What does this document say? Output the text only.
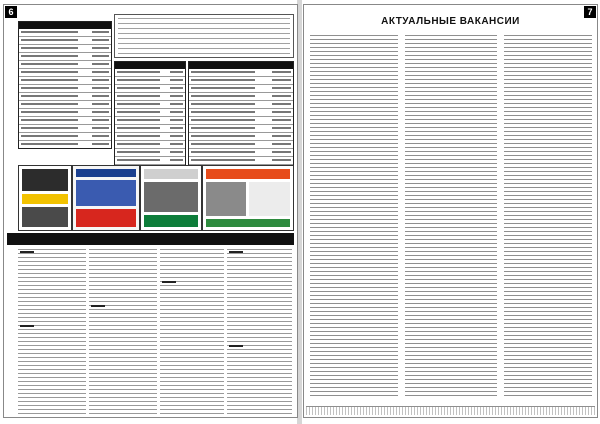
6	7
АКТУАЛЬНЫЕ ВАКАНСИИ
